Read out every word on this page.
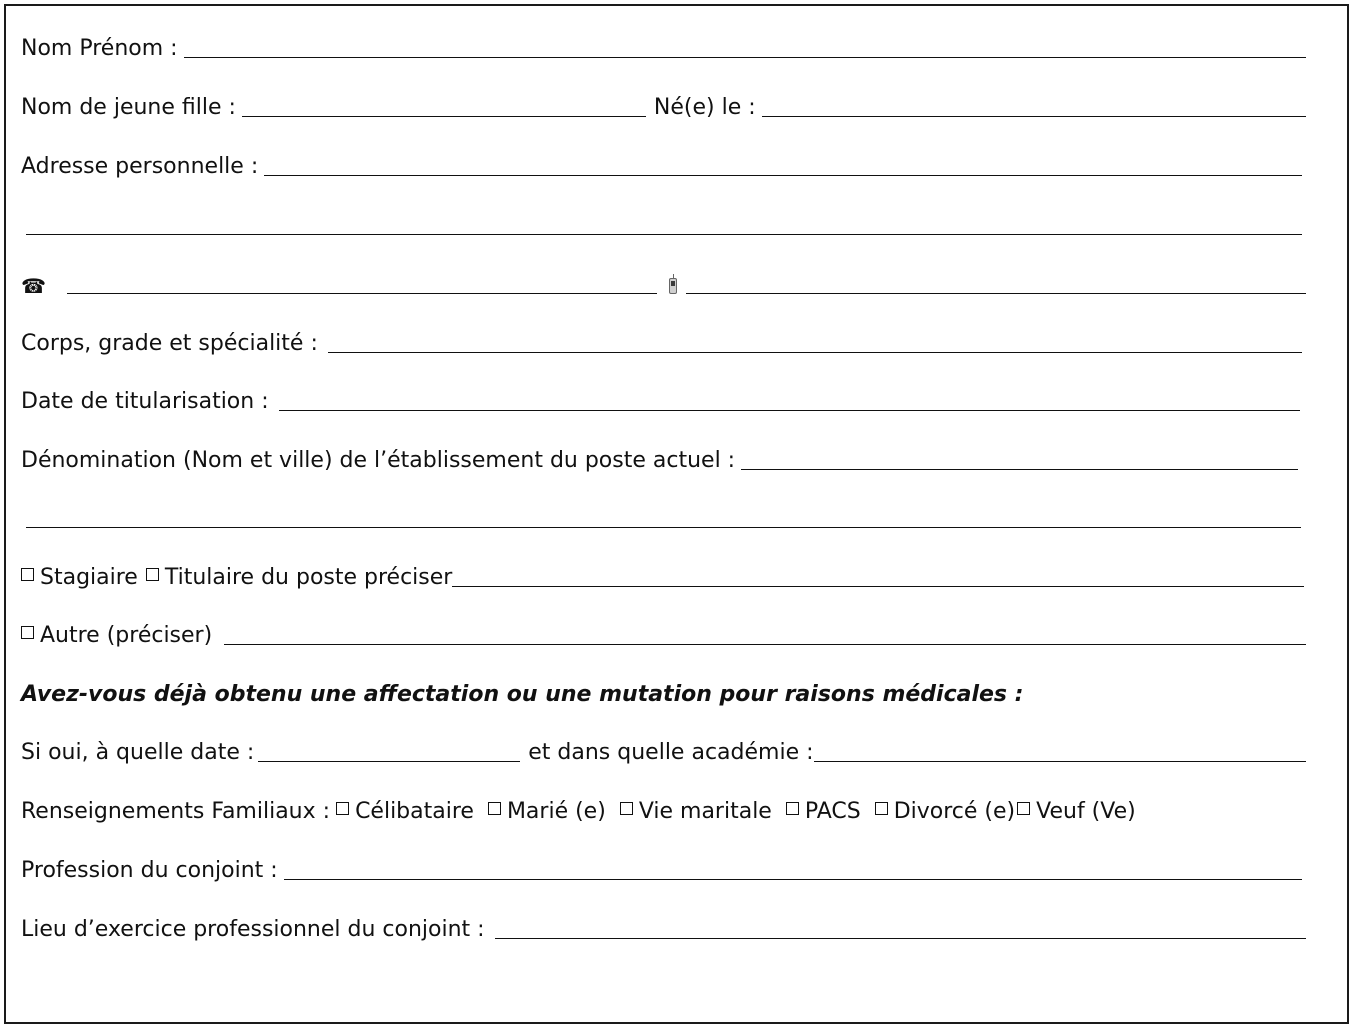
Nom Prénom :
Nom de jeune fille :	Né(e) le :
Adresse personnelle :
☎
Corps, grade et spécialité :
Date de titularisation :
Dénomination (Nom et ville) de l’établissement du poste actuel :
Stagiaire Titulaire du poste préciser
Autre (préciser)
Avez-vous déjà obtenu une affectation ou une mutation pour raisons médicales :
Si oui, à quelle date :	et dans quelle académie :
Renseignements Familiaux : Célibataire Marié (e) Vie maritale PACS Divorcé (e) Veuf (Ve)
Profession du conjoint :
Lieu d’exercice professionnel du conjoint :
